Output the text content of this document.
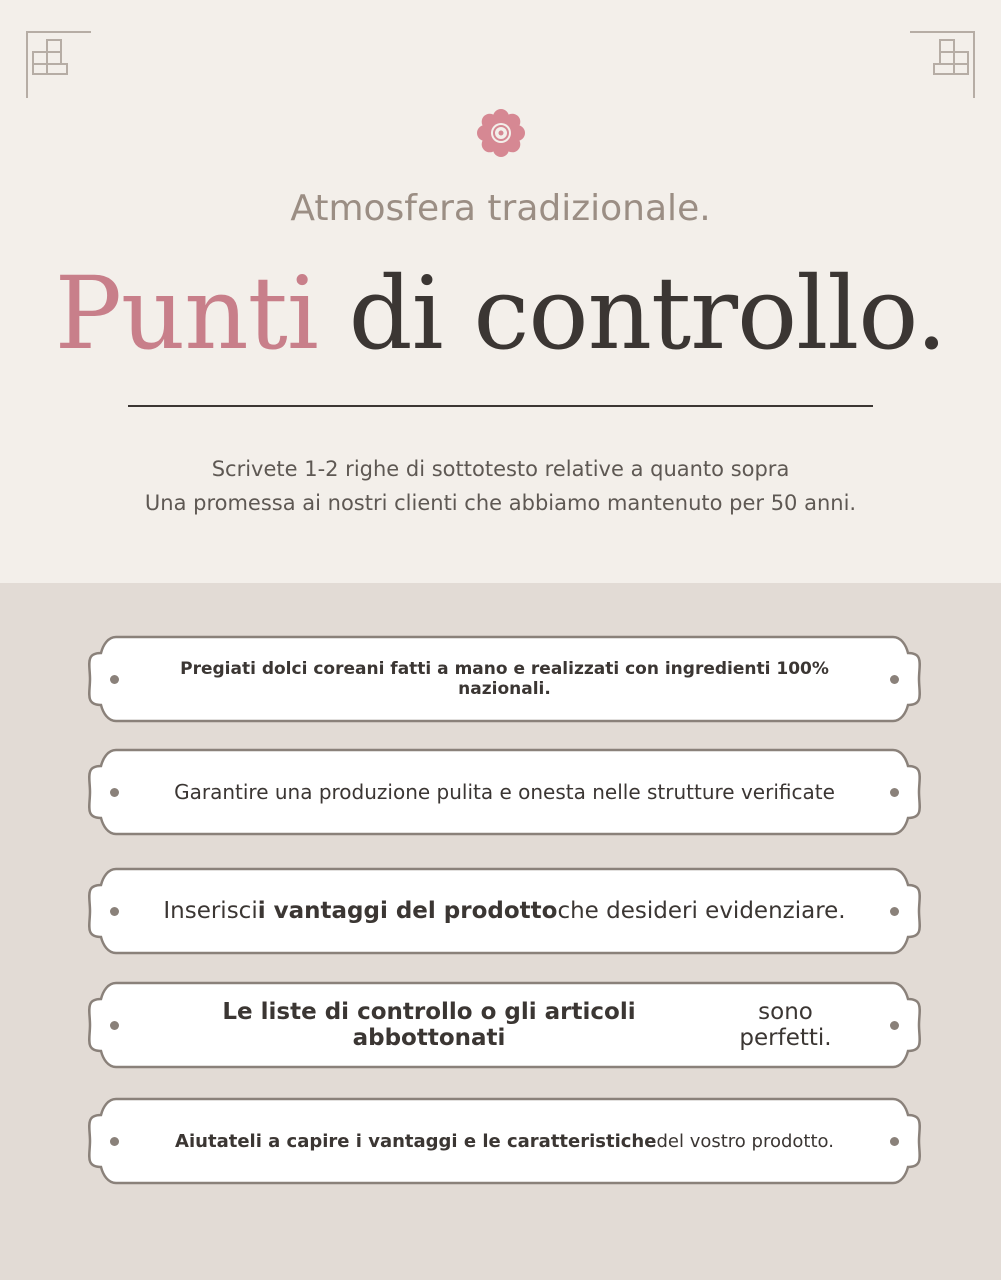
Atmosfera tradizionale.
Punti di controllo.
Scrivete 1-2 righe di sottotesto relative a quanto sopra
Una promessa ai nostri clienti che abbiamo mantenuto per 50 anni.
Pregiati dolci coreani fatti a mano e realizzati con ingredienti 100% nazionali.
Garantire una produzione pulita e onesta nelle strutture verificate
Inserisci i vantaggi del prodotto che desideri evidenziare.
Le liste di controllo o gli articoli abbottonati
sono perfetti.
Aiutateli a capire i vantaggi e le caratteristiche del vostro prodotto.
